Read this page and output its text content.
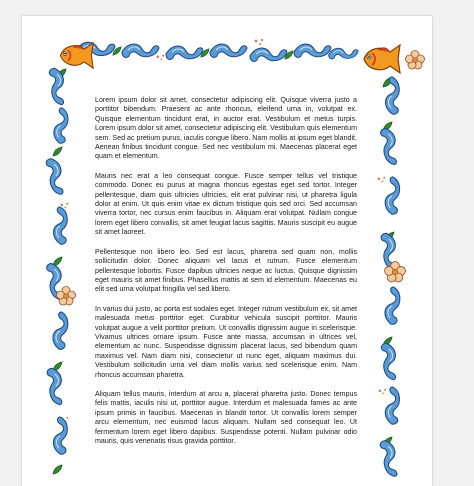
Lorem ipsum dolor sit amet, consectetur adipiscing elit. Quisque viverra justo a porttitor bibendum. Praesent ac ante rhoncus, eleifend urna in, volutpat ex. Quisque elementum tincidunt erat, in auctor erat. Vestibulum et metus turpis. Lorem ipsum dolor sit amet, consectetur adipiscing elit. Vestibulum quis elementum sem. Sed ac pretium purus, iaculis congue libero. Nam mollis at ipsum eget blandit. Aenean finibus tincidunt congue. Sed nec vestibulum mi. Maecenas placerat eget quam et elementum.

Mauris nec erat a leo consequat congue. Fusce semper tellus vel tristique commodo. Donec eu purus at magna rhoncus egestas eget sed tortor. Integer pellentesque, diam quis ultricies ultricies, elit erat pulvinar nisi, ut pharetra ligula dolor at enim. Ut quis enim vitae ex dictum tristique quis sed orci. Sed accumsan viverra tortor, nec cursus enim faucibus in. Aliquam erat volutpat. Nullam congue lorem eget libero convallis, sit amet feugiat lacus sagittis. Mauris suscipit eu augue sit amet laoreet.

Pellentesque non libero leo. Sed est lacus, pharetra sed quam non, mollis sollicitudin dolor. Donec aliquam vel lacus et rutrum. Fusce elementum pellentesque lobortis. Fusce dapibus ultricies neque ac luctus. Quisque dignissim eget mauris sit amet finibus. Phasellus mattis at sem id elementum. Maecenas eu elit sed urna volutpat fringilla vel sed libero.

In varius dui justo, ac porta est sodales eget. Integer rutrum vestibulum ex, sit amet malesuada metus porttitor eget. Curabitur vehicula suscipit porttitor. Mauris volutpat augue a velit porttitor pretium. Ut convallis dignissim augue in scelerisque. Vivamus ultrices ornare ipsum. Fusce ante massa, accumsan in ultrices vel, elementum ac nunc. Suspendisse dignissim placerat lacus, sed bibendum quam maximus vel. Nam diam nisi, consectetur ut nunc eget, aliquam maximus dui. Vestibulum sollicitudin urna vel diam mollis varius sed scelerisque enim. Nam rhoncus accumsan pharetra.

Aliquam tellus mauris, interdum at arcu a, placerat pharetra justo. Donec tempus felis mattis, iaculis nisi ut, porttitor augue. Interdum et malesuada fames ac ante ipsum primis in faucibus. Maecenas in blandit tortor. Ut convallis lorem semper arcu elementum, nec euismod lacus aliquam. Nullam sed consequat leo. Ut fermentum lorem eget libero dapibus. Suspendisse potenti. Nullam pulvinar odio mauris, quis venenatis risus gravida porttitor.
